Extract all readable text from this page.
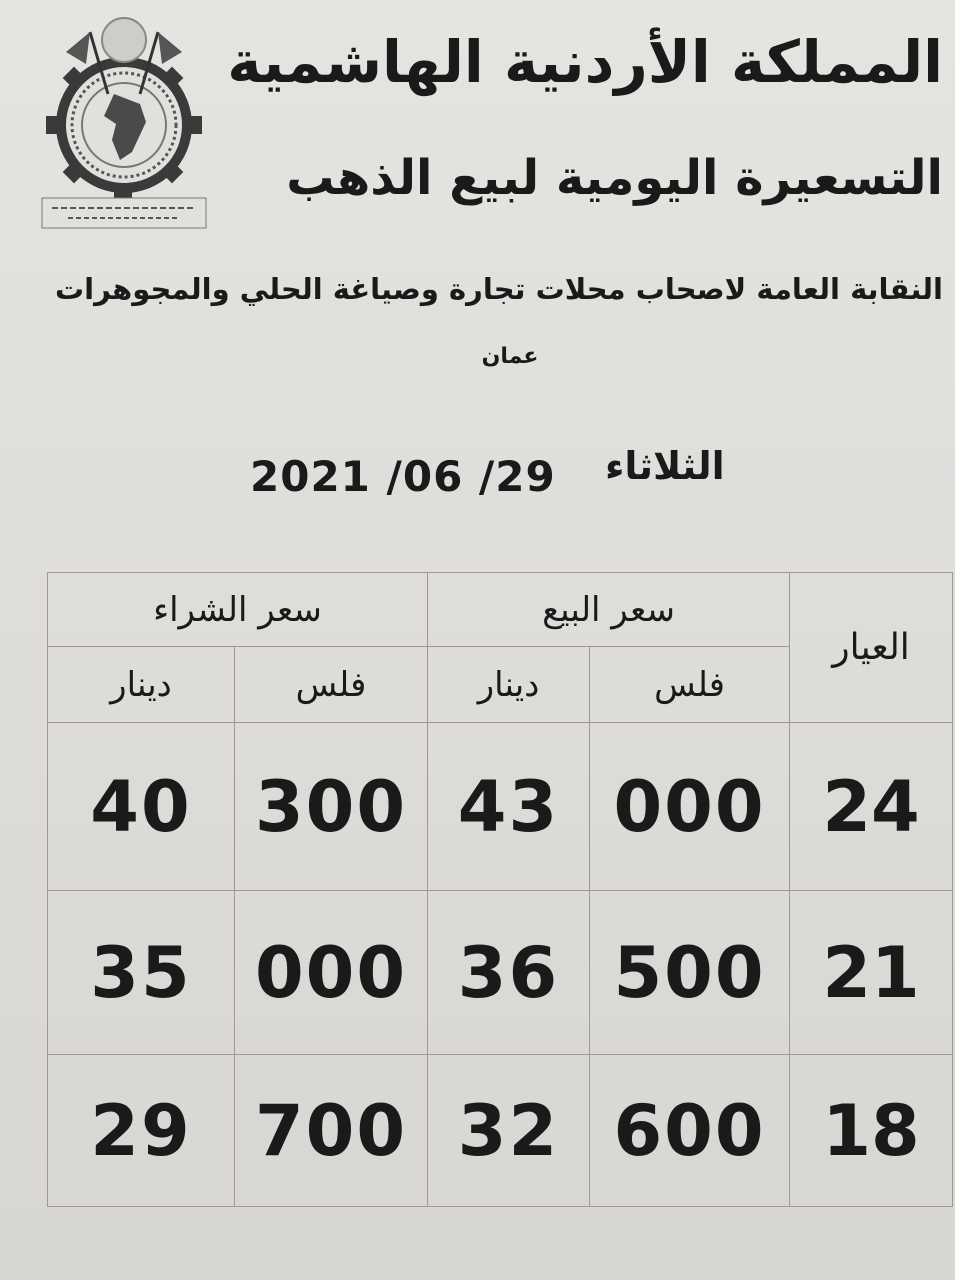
المملكة الأردنية الهاشمية
التسعيرة اليومية لبيع الذهب
النقابة العامة لاصحاب محلات تجارة وصياغة الحلي والمجوهرات
عمان
الثلاثاء
2021 /06 /29
سعر الشراء		سعر البيع		العيار
دينار	فلس	دينار	فلس	
40	300	43	000	24
35	000	36	500	21
29	700	32	600	18
